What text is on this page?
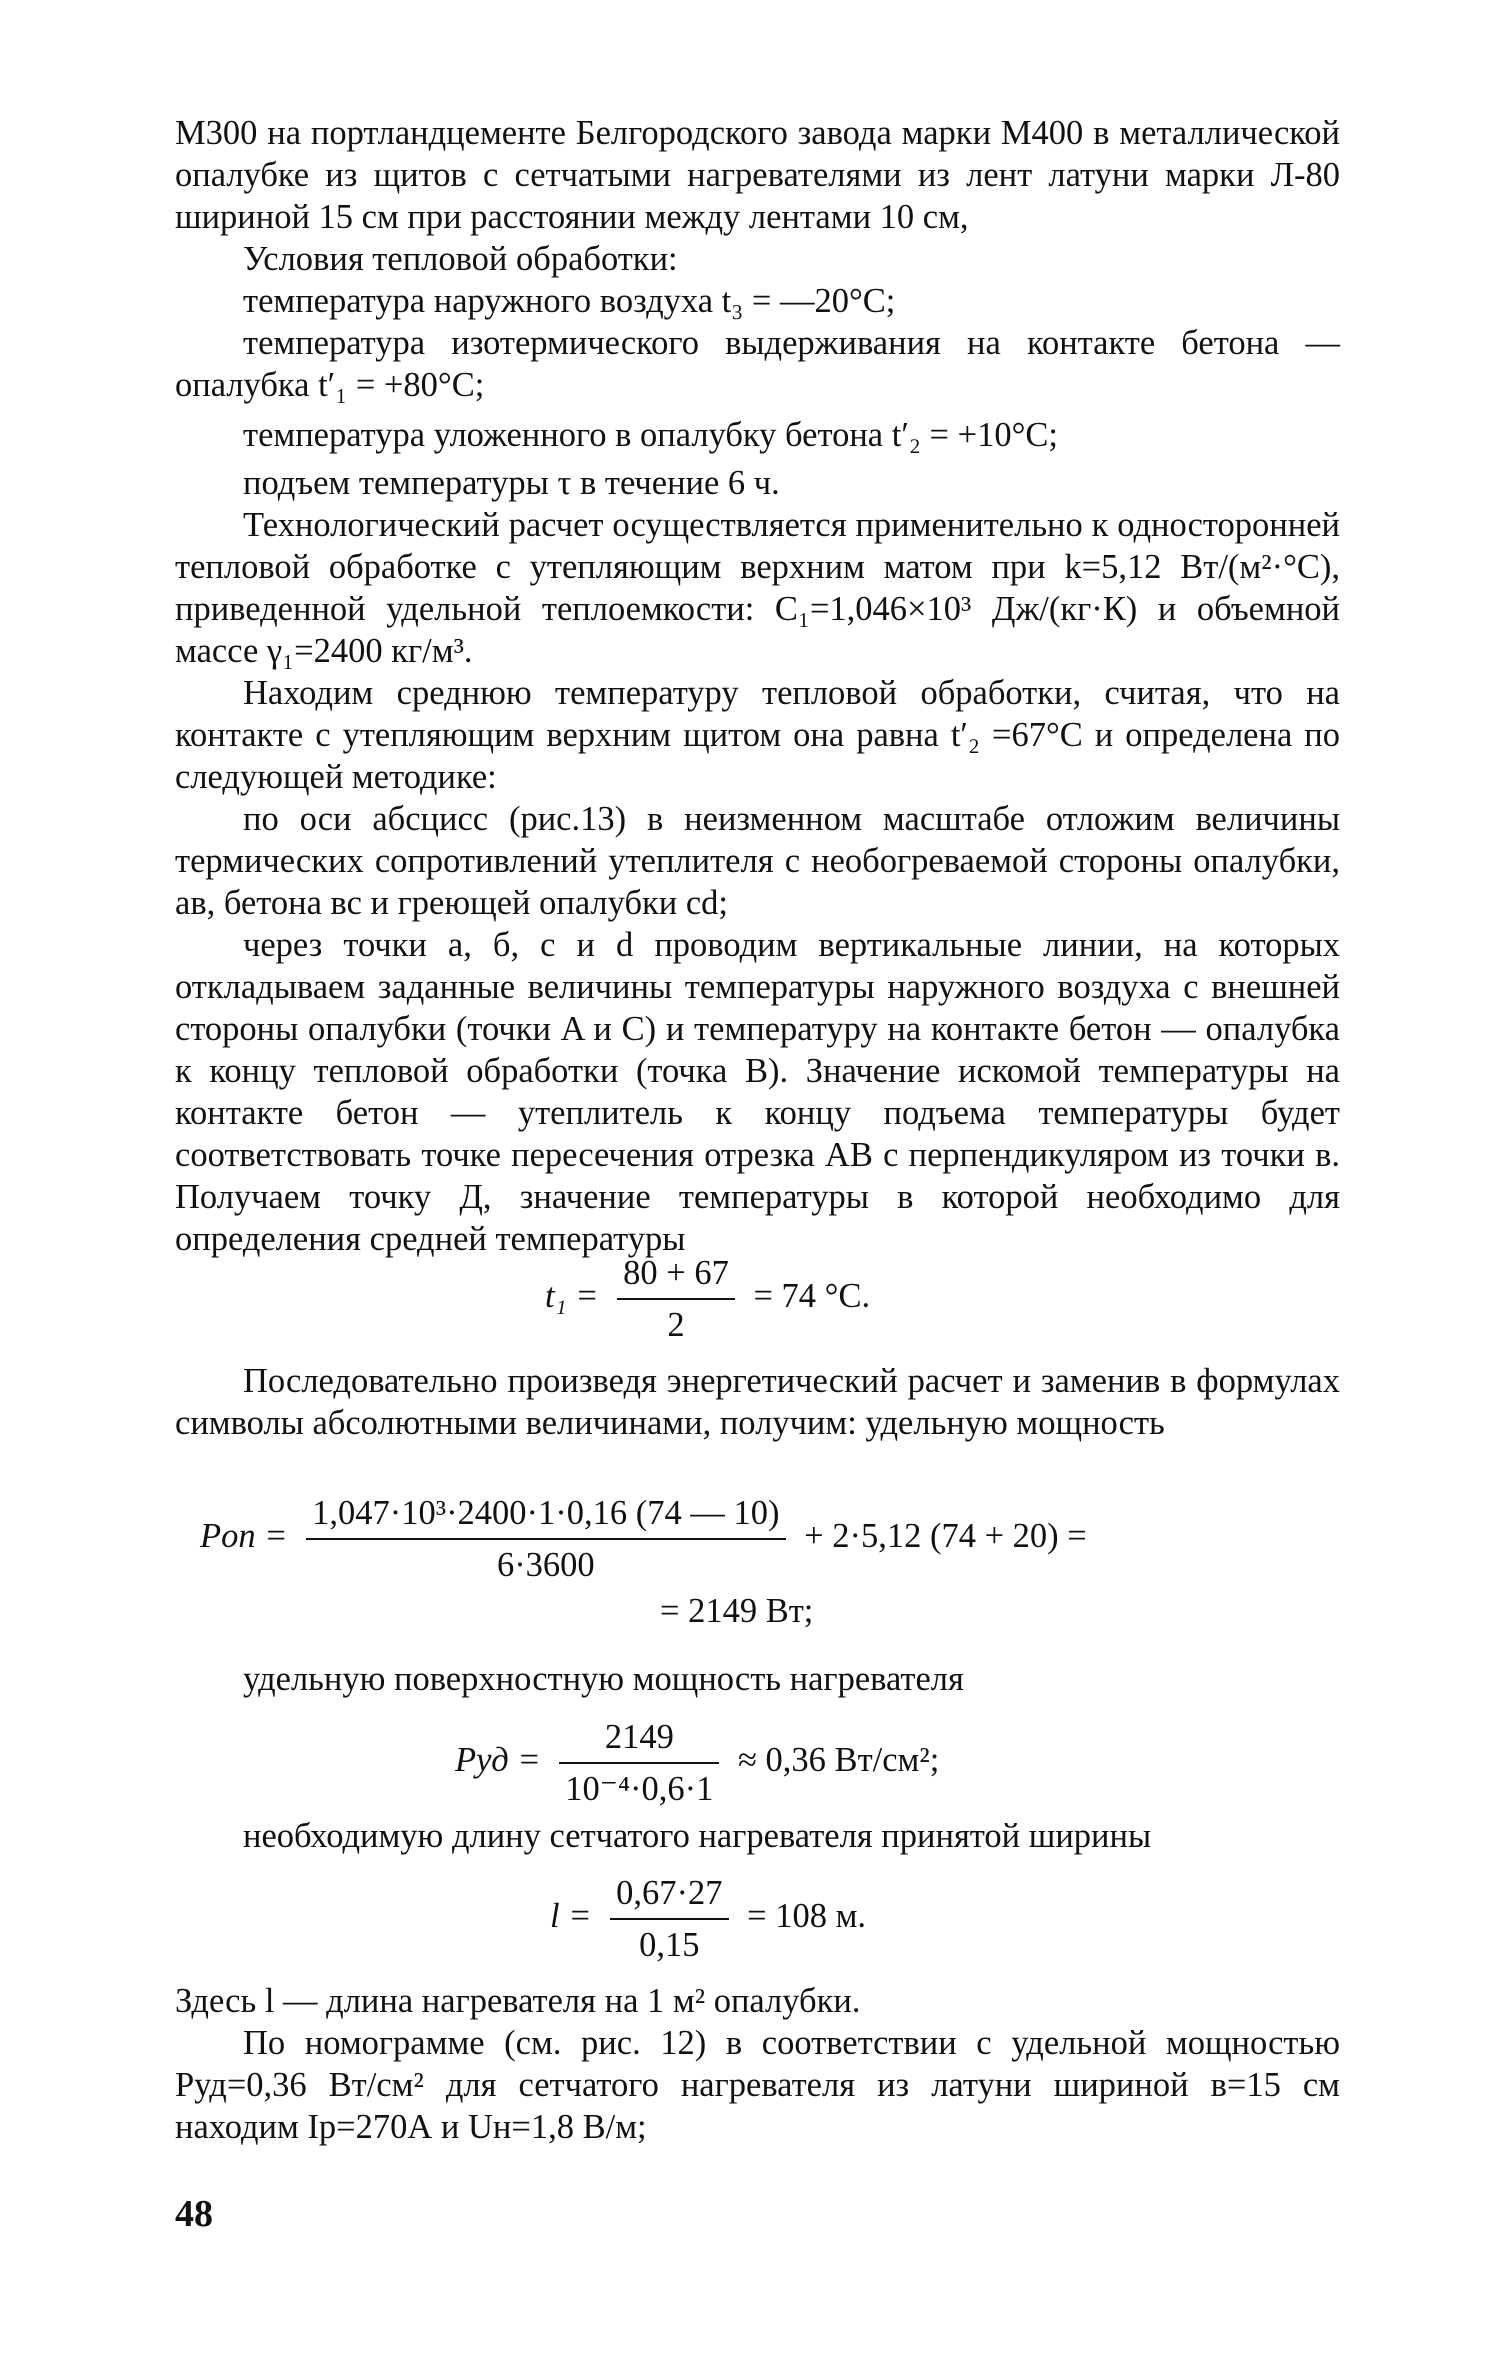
М300 на портландцементе Белгородского завода марки М400 в металлической опалубке из щитов с сетчатыми нагревателями из лент латуни марки Л-80 шириной 15 см при расстоянии между лентами 10 см,

Условия тепловой обработки:

температура наружного воздуха t₃ = —20°С;

температура изотермического выдерживания на контакте бетона — опалубка t′₁ = +80°С;

температура уложенного в опалубку бетона t′₂ = +10°С;

подъем температуры τ в течение 6 ч.

Технологический расчет осуществляется применительно к односторонней тепловой обработке с утепляющим верхним матом при k=5,12 Вт/(м²·°С), приведенной удельной теплоемкости: C₁=1,046×10³ Дж/(кг·К) и объемной массе γ₁=2400 кг/м³.

Находим среднюю температуру тепловой обработки, считая, что на контакте с утепляющим верхним щитом она равна t′₂ =67°С и определена по следующей методике:

по оси абсцисс (рис.13) в неизменном масштабе отложим величины термических сопротивлений утеплителя с необогреваемой стороны опалубки, ав, бетона вс и греющей опалубки cd;

через точки а, б, с и d проводим вертикальные линии, на которых откладываем заданные величины температуры наружного воздуха с внешней стороны опалубки (точки A и C) и температуру на контакте бетон — опалубка к концу тепловой обработки (точка B). Значение искомой температуры на контакте бетон — утеплитель к концу подъема температуры будет соответствовать точке пересечения отрезка AB с перпендикуляром из точки в. Получаем точку Д, значение температуры в которой необходимо для определения средней температуры

$t_1 = \frac{80 + 67}{2} = 74$ °С.

Последовательно произведя энергетический расчет и заменив в формулах символы абсолютными величинами, получим: удельную мощность

Pоп = $\frac{\text{1,047·10³·2400·1·0,16 (74 — 10)}}{6\cdot 3600} + 2\cdot 5,12$ (74 + 20) =
= 2149 Вт;

удельную поверхностную мощность нагревателя

Pуд = $\frac{2149}{\text{10⁻⁴·0,6·1}} \approx 0,36$ Вт/см²;

необходимую длину сетчатого нагревателя принятой ширины

$l = \frac{0,67\cdot 27}{0,15} = 108$ м.

Здесь l — длина нагревателя на 1 м² опалубки.

По номограмме (см. рис. 12) в соответствии с удельной мощностью Pуд=0,36 Вт/см² для сетчатого нагревателя из латуни шириной в=15 см находим Iр=270А и Uн=1,8 В/м;

48
